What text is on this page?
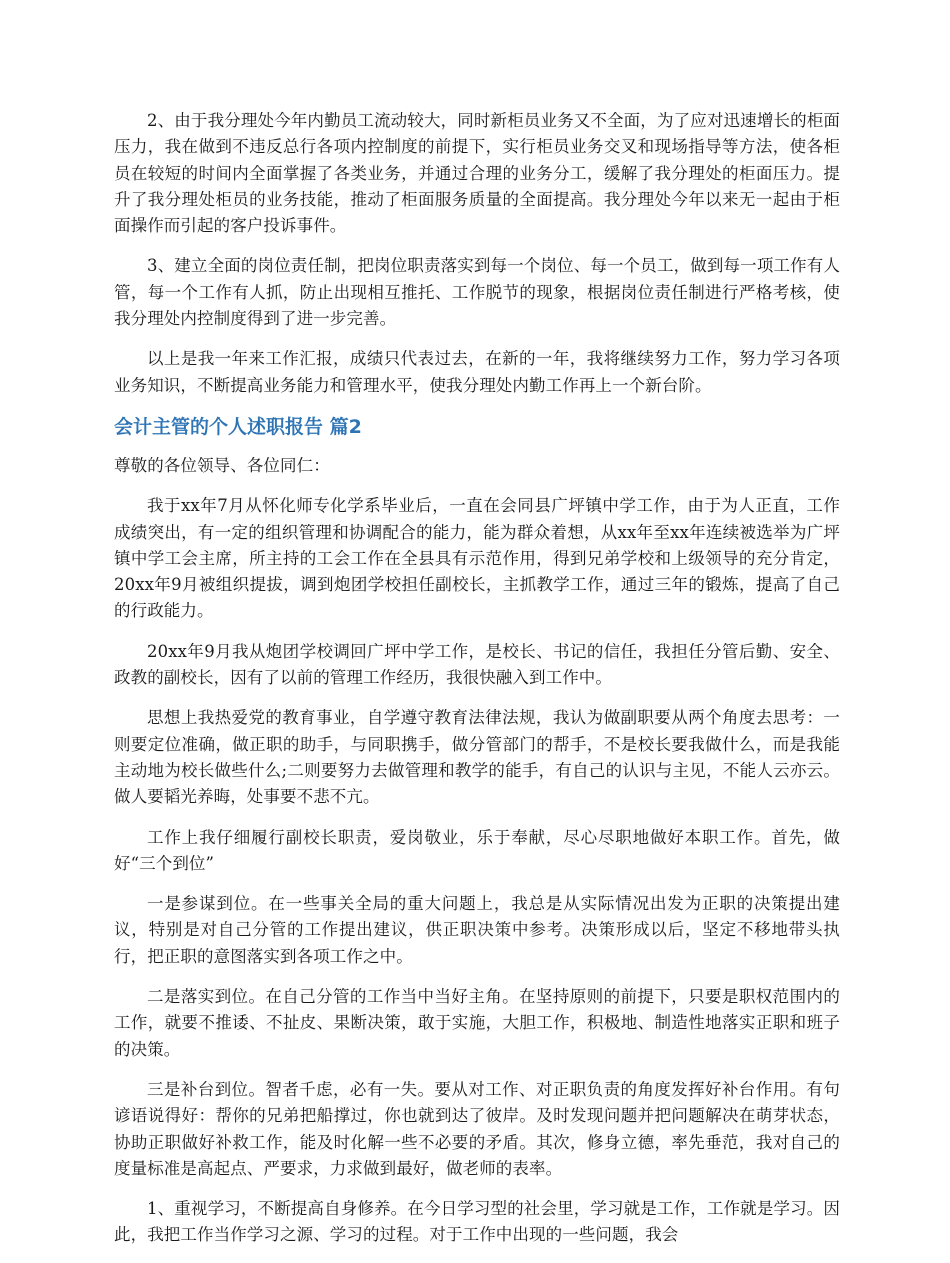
2、由于我分理处今年内勤员工流动较大，同时新柜员业务又不全面，为了应对迅速增长的柜面压力，我在做到不违反总行各项内控制度的前提下，实行柜员业务交叉和现场指导等方法，使各柜员在较短的时间内全面掌握了各类业务，并通过合理的业务分工，缓解了我分理处的柜面压力。提升了我分理处柜员的业务技能，推动了柜面服务质量的全面提高。我分理处今年以来无一起由于柜面操作而引起的客户投诉事件。

3、建立全面的岗位责任制，把岗位职责落实到每一个岗位、每一个员工，做到每一项工作有人管，每一个工作有人抓，防止出现相互推托、工作脱节的现象，根据岗位责任制进行严格考核，使我分理处内控制度得到了进一步完善。

以上是我一年来工作汇报，成绩只代表过去，在新的一年，我将继续努力工作，努力学习各项业务知识，不断提高业务能力和管理水平，使我分理处内勤工作再上一个新台阶。

会计主管的个人述职报告 篇2

尊敬的各位领导、各位同仁：

我于xx年7月从怀化师专化学系毕业后，一直在会同县广坪镇中学工作，由于为人正直，工作成绩突出，有一定的组织管理和协调配合的能力，能为群众着想，从xx年至xx年连续被选举为广坪镇中学工会主席，所主持的工会工作在全县具有示范作用，得到兄弟学校和上级领导的充分肯定，20xx年9月被组织提拔，调到炮团学校担任副校长，主抓教学工作，通过三年的锻炼，提高了自己的行政能力。

20xx年9月我从炮团学校调回广坪中学工作，是校长、书记的信任，我担任分管后勤、安全、政教的副校长，因有了以前的管理工作经历，我很快融入到工作中。

思想上我热爱党的教育事业，自学遵守教育法律法规，我认为做副职要从两个角度去思考：一则要定位准确，做正职的助手，与同职携手，做分管部门的帮手，不是校长要我做什么，而是我能主动地为校长做些什么;二则要努力去做管理和教学的能手，有自己的认识与主见，不能人云亦云。做人要韬光养晦，处事要不悲不亢。

工作上我仔细履行副校长职责，爱岗敬业，乐于奉献，尽心尽职地做好本职工作。首先，做好“三个到位”

一是参谋到位。在一些事关全局的重大问题上，我总是从实际情况出发为正职的决策提出建议，特别是对自己分管的工作提出建议，供正职决策中参考。决策形成以后，坚定不移地带头执行，把正职的意图落实到各项工作之中。

二是落实到位。在自己分管的工作当中当好主角。在坚持原则的前提下，只要是职权范围内的工作，就要不推诿、不扯皮、果断决策，敢于实施，大胆工作，积极地、制造性地落实正职和班子的决策。

三是补台到位。智者千虑，必有一失。要从对工作、对正职负责的角度发挥好补台作用。有句谚语说得好：帮你的兄弟把船撑过，你也就到达了彼岸。及时发现问题并把问题解决在萌芽状态，协助正职做好补救工作，能及时化解一些不必要的矛盾。其次，修身立德，率先垂范，我对自己的度量标准是高起点、严要求，力求做到最好，做老师的表率。

1、重视学习，不断提高自身修养。在今日学习型的社会里，学习就是工作，工作就是学习。因此，我把工作当作学习之源、学习的过程。对于工作中出现的一些问题，我会
